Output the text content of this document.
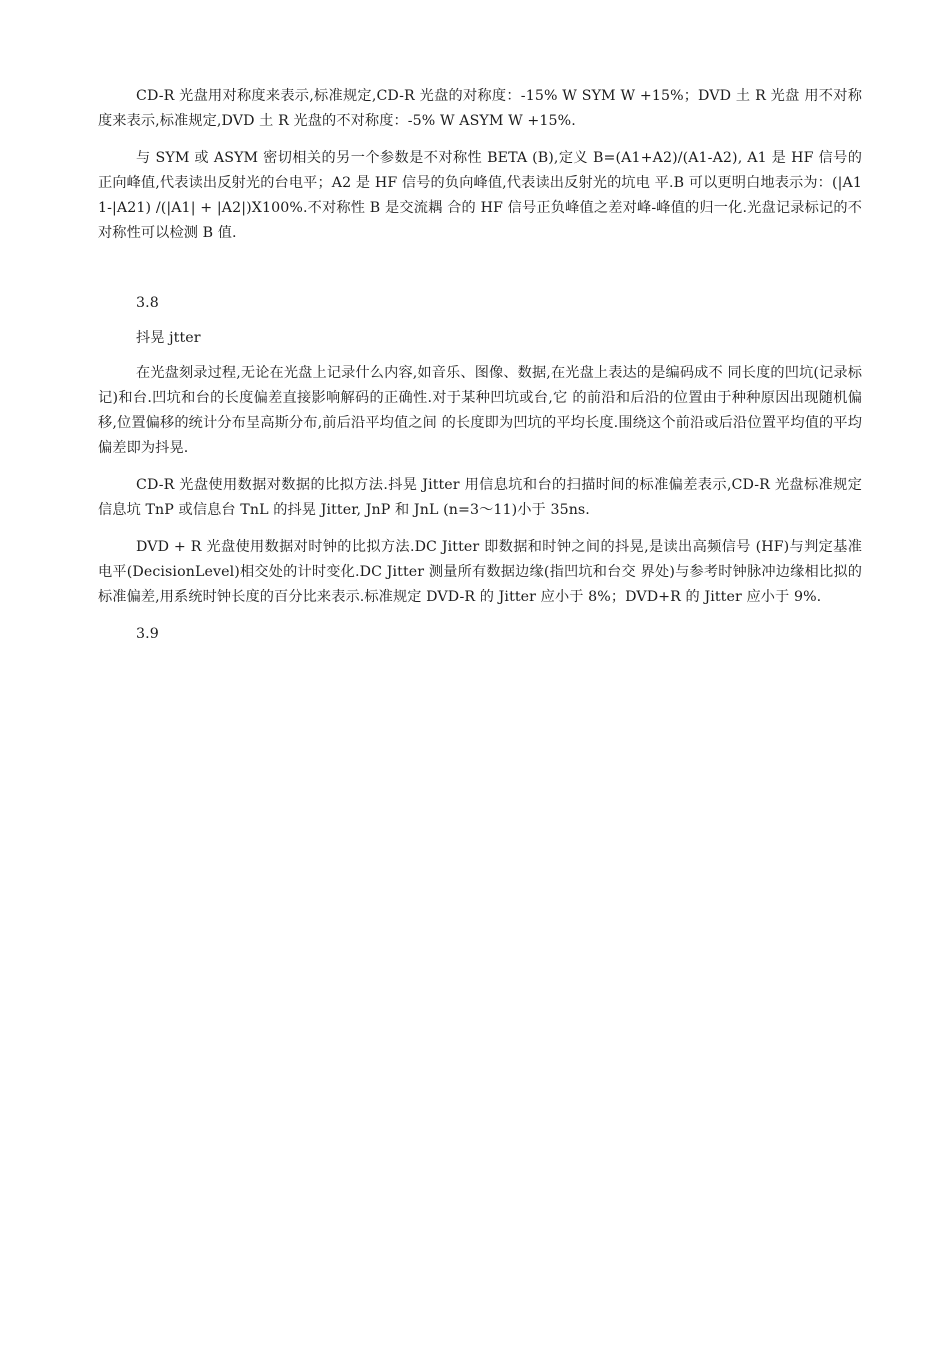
CD-R 光盘用对称度来表示,标准规定,CD-R 光盘的对称度：-15% W SYM W +15%；DVD 土 R 光盘 用不对称度来表示,标准规定,DVD 土 R 光盘的不对称度：-5% W ASYM W +15%.

与 SYM 或 ASYM 密切相关的另一个参数是不对称性 BETA (B),定义 B=(A1+A2)/(A1-A2), A1 是 HF 信号的正向峰值,代表读出反射光的台电平；A2 是 HF 信号的负向峰值,代表读出反射光的坑电 平.B 可以更明白地表示为：(|A11-|A21) /(|A1| + |A2|)X100%.不对称性 B 是交流耦 合的 HF 信号正负峰值之差对峰-峰值的归一化.光盘记录标记的不对称性可以检测 B 值.

3.8

抖晃 jtter

在光盘刻录过程,无论在光盘上记录什么内容,如音乐、图像、数据,在光盘上表达的是编码成不 同长度的凹坑(记录标记)和台.凹坑和台的长度偏差直接影响解码的正确性.对于某种凹坑或台,它 的前沿和后沿的位置由于种种原因出现随机偏移,位置偏移的统计分布呈高斯分布,前后沿平均值之间 的长度即为凹坑的平均长度.围绕这个前沿或后沿位置平均值的平均偏差即为抖晃.

CD-R 光盘使用数据对数据的比拟方法.抖晃 Jitter 用信息坑和台的扫描时间的标准偏差表示,CD-R 光盘标准规定信息坑 TnP 或信息台 TnL 的抖晃 Jitter, JnP 和 JnL (n=3〜11)小于 35ns.

DVD + R 光盘使用数据对时钟的比拟方法.DC Jitter 即数据和时钟之间的抖晃,是读出高频信号 (HF)与判定基准电平(DecisionLevel)相交处的计时变化.DC Jitter 测量所有数据边缘(指凹坑和台交 界处)与参考时钟脉冲边缘相比拟的标准偏差,用系统时钟长度的百分比来表示.标准规定 DVD-R 的 Jitter 应小于 8%；DVD+R 的 Jitter 应小于 9%.

3.9
